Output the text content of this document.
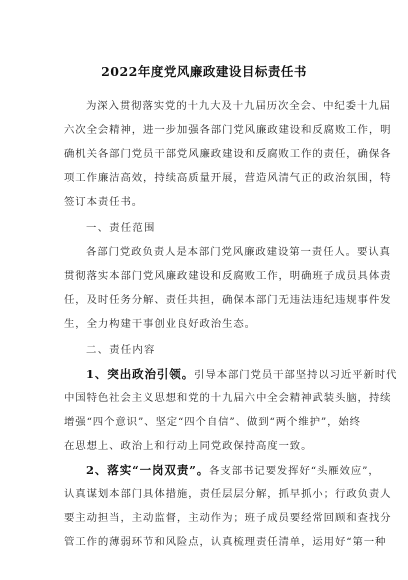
2022年度党风廉政建设目标责任书
为深入贯彻落实党的十九大及十九届历次全会、中纪委十九届
六次全会精神，进一步加强各部门党风廉政建设和反腐败工作，明
确机关各部门党员干部党风廉政建设和反腐败工作的责任，确保各
项工作廉洁高效，持续高质量开展，营造风清气正的政治氛围，特
签订本责任书。
一、责任范围
各部门党政负责人是本部门党风廉政建设第一责任人。要认真
贯彻落实本部门党风廉政建设和反腐败工作，明确班子成员具体责
任，及时任务分解、责任共担，确保本部门无违法违纪违规事件发
生，全力构建干事创业良好政治生态。
二、责任内容
1、突出政治引领。引导本部门党员干部坚持以习近平新时代
中国特色社会主义思想和党的十九届六中全会精神武装头脑，持续
增强“四个意识”、坚定“四个自信”、做到“两个维护”，始终
在思想上、政治上和行动上同党政保持高度一致。
2、落实“一岗双责”。各支部书记要发挥好“头雁效应”，
认真谋划本部门具体措施，责任层层分解，抓早抓小；行政负责人
要主动担当，主动监督，主动作为；班子成员要经常回顾和查找分
管工作的薄弱环节和风险点，认真梳理责任清单，运用好“第一种
